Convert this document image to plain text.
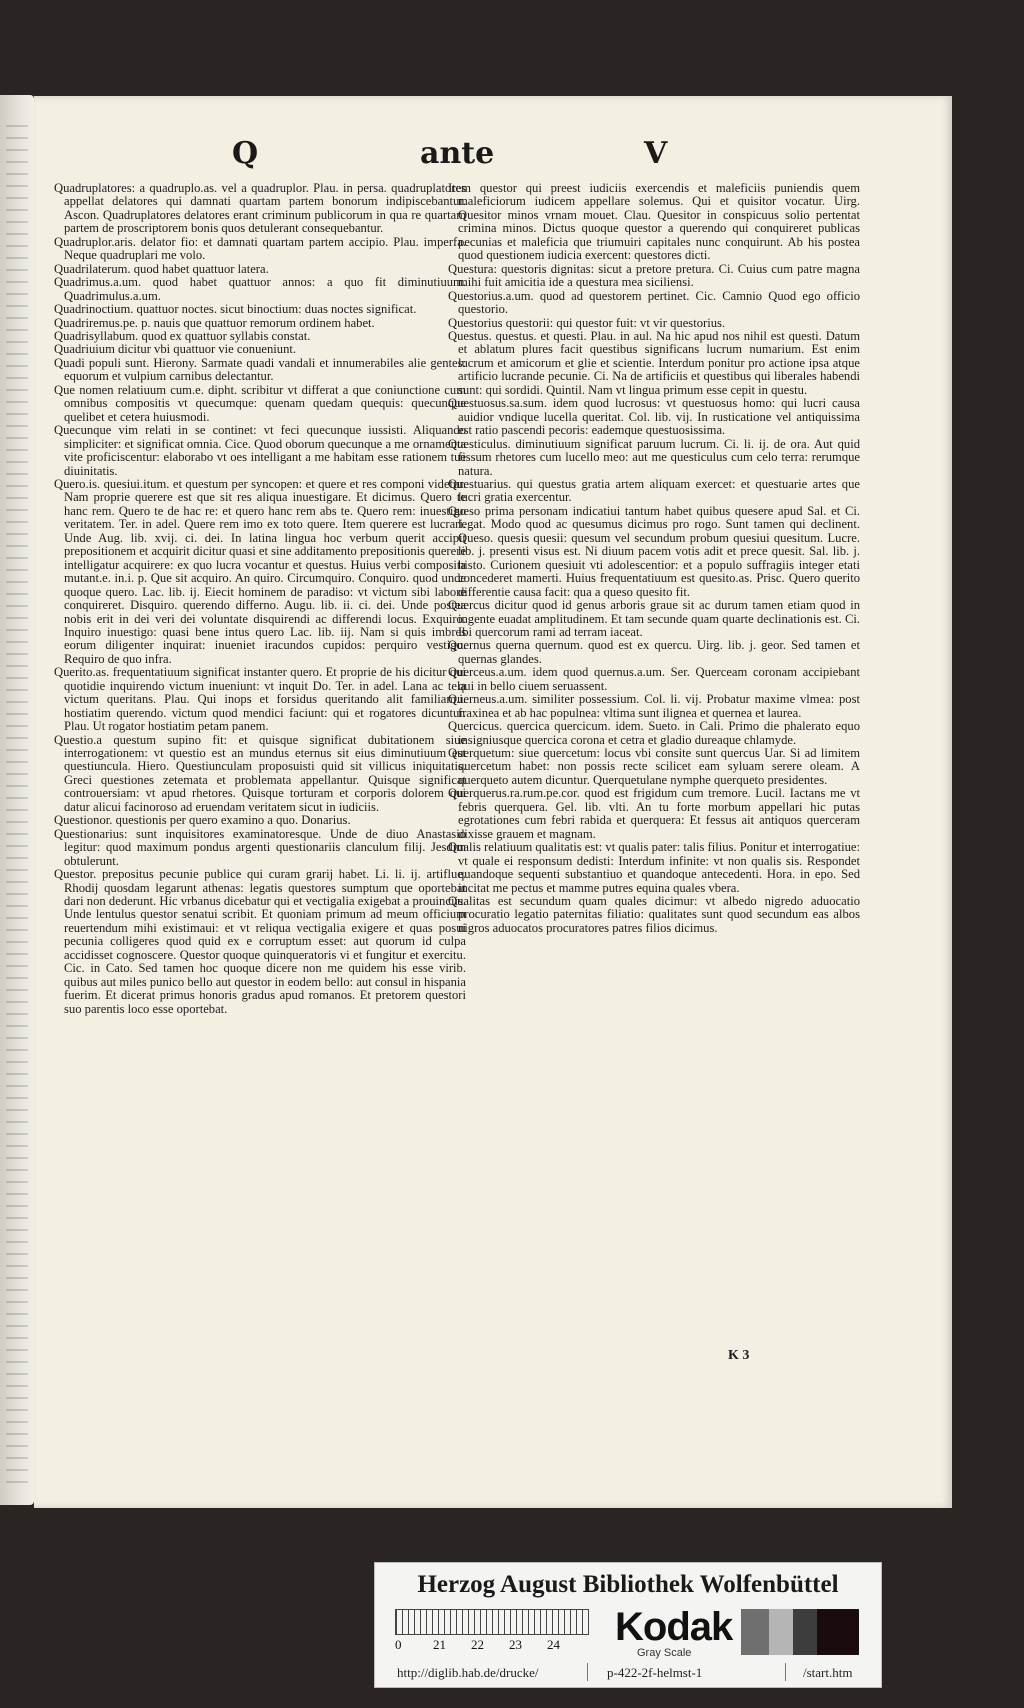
Q	ante	V

Quadruplatores: a quadruplo.as. vel a quadruplor. Plau. in persa. quadruplatores appellat delatores qui damnati quartam partem bonorum indipiscebantur. Ascon. Quadruplatores delatores erant criminum publicorum in qua re quartam partem de proscriptorem bonis quos detulerant consequebantur.

Quadruplor.aris. delator fio: et damnati quartam partem accipio. Plau. imperfa. Neque quadruplari me volo.

Quadrilaterum. quod habet quattuor latera.

Quadrimus.a.um. quod habet quattuor annos: a quo fit diminutiuum. Quadrimulus.a.um.

Quadrinoctium. quattuor noctes. sicut binoctium: duas noctes significat.

Quadriremus.pe. p. nauis que quattuor remorum ordinem habet.

Quadrisyllabum. quod ex quattuor syllabis constat.

Quadriuium dicitur vbi quattuor vie conueniunt.

Quadi populi sunt. Hierony. Sarmate quadi vandali et innumerabiles alie gentes: equorum et vulpium carnibus delectantur.

Que nomen relatiuum cum.e. dipht. scribitur vt differat a que coniunctione cum omnibus compositis vt quecumque: quenam quedam quequis: quecunque quelibet et cetera huiusmodi.

Quecunque vim relati in se continet: vt feci quecunque iussisti. Aliquando simpliciter: et significat omnia. Cice. Quod oborum quecunque a me ornamenta vite proficiscentur: elaborabo vt oes intelligant a me habitam esse rationem tue diuinitatis.

Quero.is. quesiui.itum. et questum per syncopen: et quere et res componi videtur. Nam proprie querere est que sit res aliqua inuestigare. Et dicimus. Quero te hanc rem. Quero te de hac re: et quero hanc rem abs te. Quero rem: inuestigo veritatem. Ter. in adel. Quere rem imo ex toto quere. Item querere est lucrari. Unde Aug. lib. xvij. ci. dei. In latina lingua hoc verbum querit accipit prepositionem et acquirit dicitur quasi et sine additamento prepositionis querere intelligatur acquirere: ex quo lucra vocantur et questus. Huius verbi composita mutant.e. in.i. p. Que sit acquiro. An quiro. Circumquiro. Conquiro. quod unde quoque quero. Lac. lib. ij. Eiecit hominem de paradiso: vt victum sibi labore conquireret. Disquiro. querendo differno. Augu. lib. ii. ci. dei. Unde postea nobis erit in dei veri dei voluntate disquirendi ac differendi locus. Exquiro. Inquiro inuestigo: quasi bene intus quero Lac. lib. iij. Nam si quis imbres eorum diligenter inquirat: inueniet iracundos cupidos: perquiro vestigo. Requiro de quo infra.

Querito.as. frequentatiuum significat instanter quero. Et proprie de his dicitur qui quotidie inquirendo victum inueniunt: vt inquit Do. Ter. in adel. Lana ac tela victum queritans. Plau. Qui inops et forsidus queritando alit familiam.i. hostiatim querendo. victum quod mendici faciunt: qui et rogatores dicuntur. Plau. Ut rogator hostiatim petam panem.

Questio.a questum supino fit: et quisque significat dubitationem siue interrogationem: vt questio est an mundus eternus sit eius diminutiuum est questiuncula. Hiero. Questiunculam proposuisti quid sit villicus iniquitatis. Greci questiones zetemata et problemata appellantur. Quisque significat controuersiam: vt apud rhetores. Quisque torturam et corporis dolorem qui datur alicui facinoroso ad eruendam veritatem sicut in iudiciis.

Questionor. questionis per quero examino a quo. Donarius.

Questionarius: sunt inquisitores examinatoresque. Unde de diuo Anastasio legitur: quod maximum pondus argenti questionariis clanculum filij. Jesdim obtulerunt.

Questor. prepositus pecunie publice qui curam grarij habet. Li. li. ij. artiflue. Rhodij quosdam legarunt athenas: legatis questores sumptum que oportebat dari non dederunt. Hic vrbanus dicebatur qui et vectigalia exigebat a prouinciis. Unde lentulus questor senatui scribit. Et quoniam primum ad meum officium reuertendum mihi existimaui: et vt reliqua vectigalia exigere et quas posui pecunia colligeres quod quid ex e corruptum esset: aut quorum id culpa accidisset cognoscere. Questor quoque quinqueratoris vi et fungitur et exercitu. Cic. in Cato. Sed tamen hoc quoque dicere non me quidem his esse virib. quibus aut miles punico bello aut questor in eodem bello: aut consul in hispania fuerim. Et dicerat primus honoris gradus apud romanos. Et pretorem questori suo parentis loco esse oportebat.

Item questor qui preest iudiciis exercendis et maleficiis puniendis quem maleficiorum iudicem appellare solemus. Qui et quisitor vocatur. Uirg. Quesitor minos vrnam mouet. Clau. Quesitor in conspicuus solio pertentat crimina minos. Dictus quoque questor a querendo qui conquireret publicas pecunias et maleficia que triumuiri capitales nunc conquirunt. Ab his postea quod questionem iudicia exercent: questores dicti.

Questura: questoris dignitas: sicut a pretore pretura. Ci. Cuius cum patre magna mihi fuit amicitia ide a questura mea siciliensi.

Questorius.a.um. quod ad questorem pertinet. Cic. Camnio Quod ego officio questorio.

Questorius questorii: qui questor fuit: vt vir questorius.

Questus. questus. et questi. Plau. in aul. Na hic apud nos nihil est questi. Datum et ablatum plures facit questibus significans lucrum numarium. Est enim lucrum et amicorum et glie et scientie. Interdum ponitur pro actione ipsa atque artificio lucrande pecunie. Ci. Na de artificiis et questibus qui liberales habendi sunt: qui sordidi. Quintil. Nam vt lingua primum esse cepit in questu.

Questuosus.sa.sum. idem quod lucrosus: vt questuosus homo: qui lucri causa auidior vndique lucella queritat. Col. lib. vij. In rusticatione vel antiquissima est ratio pascendi pecoris: eademque questuosissima.

Questiculus. diminutiuum significat paruum lucrum. Ci. li. ij. de ora. Aut quid fissum rhetores cum lucello meo: aut me questiculus cum celo terra: rerumque natura.

Questuarius. qui questus gratia artem aliquam exercet: et questuarie artes que lucri gratia exercentur.

Queso prima personam indicatiui tantum habet quibus quesere apud Sal. et Ci. legat. Modo quod ac quesumus dicimus pro rogo. Sunt tamen qui declinent. Queso. quesis quesii: quesum vel secundum probum quesiui quesitum. Lucre. lib. j. presenti visus est. Ni diuum pacem votis adit et prece quesit. Sal. lib. j. histo. Curionem quesiuit vti adolescentior: et a populo suffragiis integer etati concederet mamerti. Huius frequentatiuum est quesito.as. Prisc. Quero querito differentie causa facit: qua a queso quesito fit.

Quercus dicitur quod id genus arboris graue sit ac durum tamen etiam quod in ingente euadat amplitudinem. Et tam secunde quam quarte declinationis est. Ci. Ibi quercorum rami ad terram iaceat.

Quernus querna quernum. quod est ex quercu. Uirg. lib. j. geor. Sed tamen et quernas glandes.

Querceus.a.um. idem quod quernus.a.um. Ser. Querceam coronam accipiebant qui in bello ciuem seruassent.

Querneus.a.um. similiter possessium. Col. li. vij. Probatur maxime vlmea: post fraxinea et ab hac populnea: vltima sunt ilignea et quernea et laurea.

Quercicus. quercica quercicum. idem. Sueto. in Cali. Primo die phalerato equo insigniusque quercica corona et cetra et gladio dureaque chlamyde.

Querquetum: siue quercetum: locus vbi consite sunt quercus Uar. Si ad limitem quercetum habet: non possis recte scilicet eam syluam serere oleam. A querqueto autem dicuntur. Querquetulane nymphe querqueto presidentes.

Querquerus.ra.rum.pe.cor. quod est frigidum cum tremore. Lucil. Iactans me vt febris querquera. Gel. lib. vlti. An tu forte morbum appellari hic putas egrotationes cum febri rabida et querquera: Et fessus ait antiquos querceram dixisse grauem et magnam.

Qualis relatiuum qualitatis est: vt qualis pater: talis filius. Ponitur et interrogatiue: vt quale ei responsum dedisti: Interdum infinite: vt non qualis sis. Respondet quandoque sequenti substantiuo et quandoque antecedenti. Hora. in epo. Sed incitat me pectus et mamme putres equina quales vbera.

Qualitas est secundum quam quales dicimur: vt albedo nigredo aduocatio procuratio legatio paternitas filiatio: qualitates sunt quod secundum eas albos nigros aduocatos procuratores patres filios dicimus.

K 3
Herzog August Bibliothek Wolfenbüttel
0 21 22 23 24	Kodak
Gray Scale
http://diglib.hab.de/drucke/	p-422-2f-helmst-1	/start.htm
